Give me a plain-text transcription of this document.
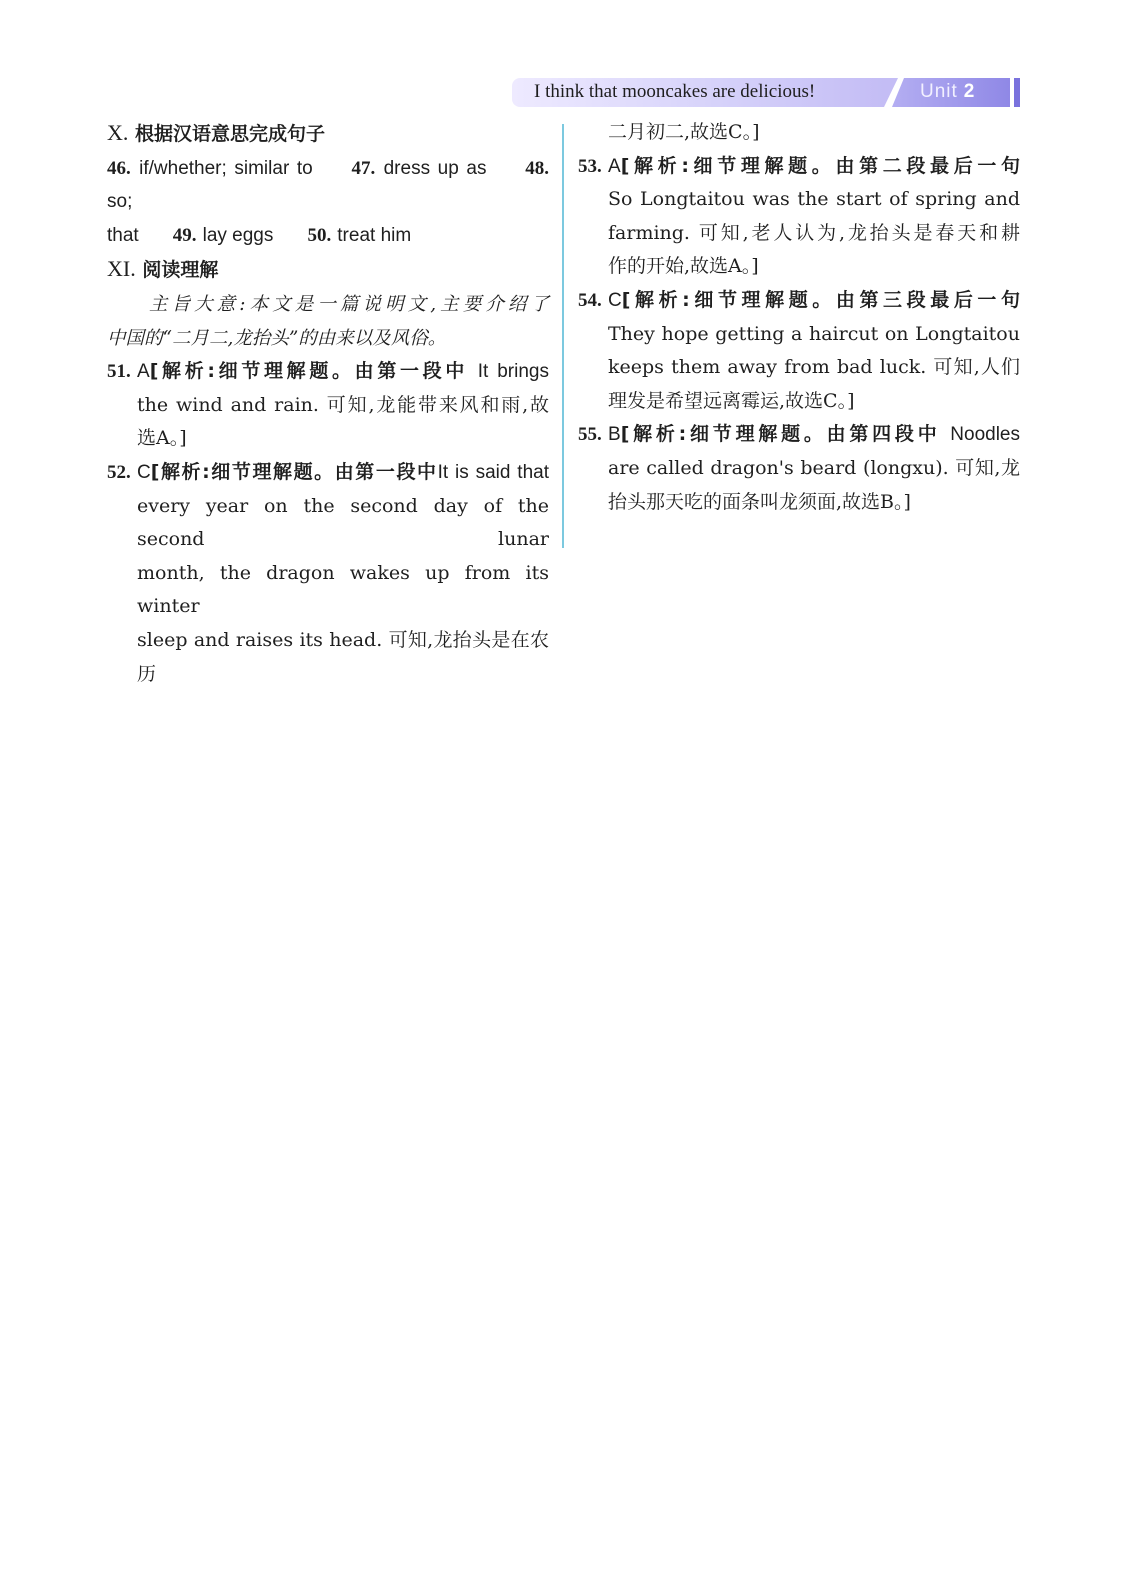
I think that mooncakes are delicious!	Unit 2
X. 根据汉语意思完成句子
46. if/whether; similar to 47. dress up as 48. so;
that 49. lay eggs 50. treat him
XI. 阅读理解
主旨大意:本文是一篇说明文,主要介绍了
中国的“二月二,龙抬头”的由来以及风俗。
51. A[解析:细节理解题。由第一段中 It brings
the wind and rain. 可知,龙能带来风和雨,故
选A。]
52. C[解析:细节理解题。由第一段中It is said that
every year on the second day of the second lunar
month, the dragon wakes up from its winter
sleep and raises its head. 可知,龙抬头是在农历
二月初二,故选C。]
53. A[解析:细节理解题。由第二段最后一句
So Longtaitou was the start of spring and
farming. 可知,老人认为,龙抬头是春天和耕
作的开始,故选A。]
54. C[解析:细节理解题。由第三段最后一句
They hope getting a haircut on Longtaitou
keeps them away from bad luck. 可知,人们
理发是希望远离霉运,故选C。]
55. B[解析:细节理解题。由第四段中 Noodles
are called dragon's beard (longxu). 可知,龙
抬头那天吃的面条叫龙须面,故选B。]
